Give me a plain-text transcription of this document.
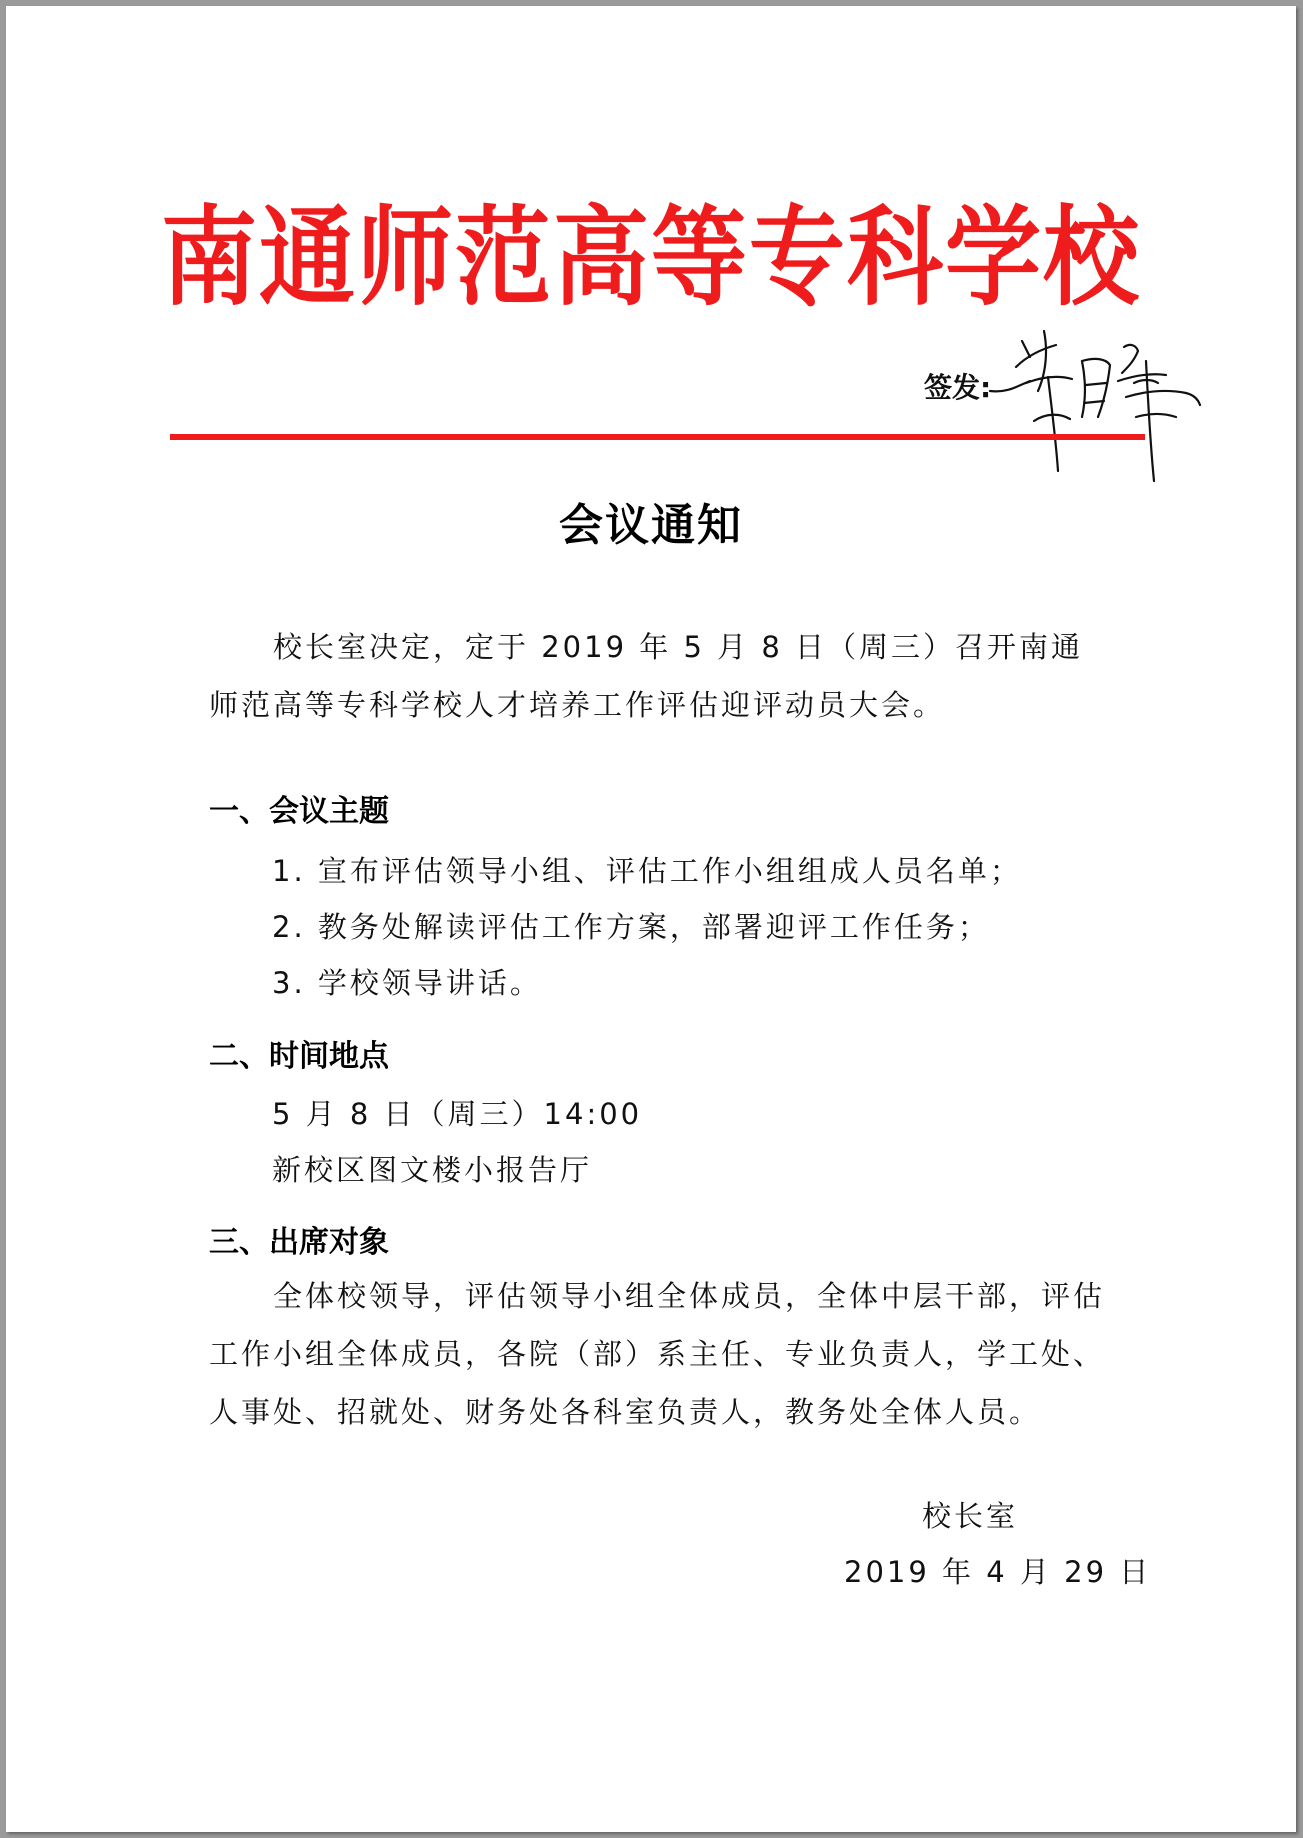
南通师范高等专科学校
签发:
会议通知
校长室决定，定于 2019 年 5 月 8 日（周三）召开南通师范高等专科学校人才培养工作评估迎评动员大会。
一、会议主题
1. 宣布评估领导小组、评估工作小组组成人员名单；
2. 教务处解读评估工作方案，部署迎评工作任务；
3. 学校领导讲话。
二、时间地点
5 月 8 日（周三）14:00
新校区图文楼小报告厅
三、出席对象
全体校领导，评估领导小组全体成员，全体中层干部，评估工作小组全体成员，各院（部）系主任、专业负责人，学工处、人事处、招就处、财务处各科室负责人，教务处全体人员。
校长室
2019 年 4 月 29 日
